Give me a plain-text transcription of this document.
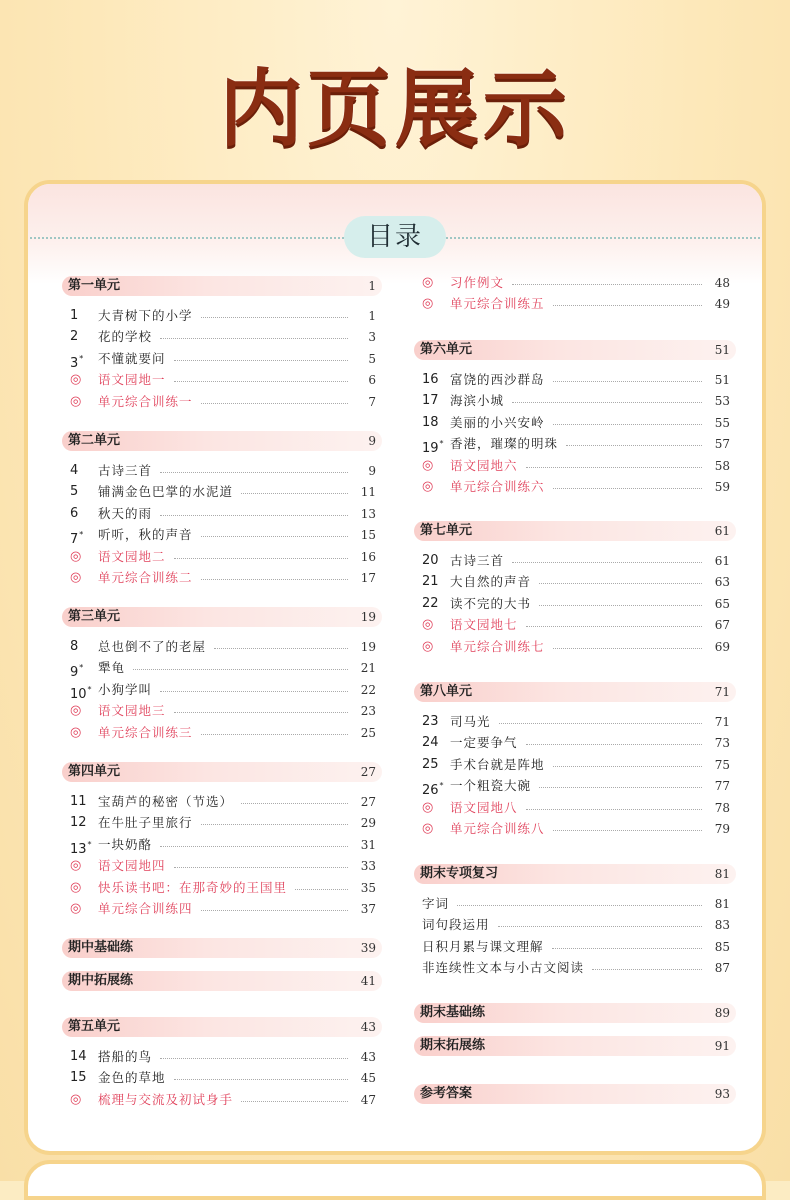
内页展示
目录
第一单元	1
1	大青树下的小学	1
2	花的学校	3
3*	不懂就要问	5
◎	语文园地一	6
◎	单元综合训练一	7
第二单元	9
4	古诗三首	9
5	铺满金色巴掌的水泥道	11
6	秋天的雨	13
7*	听听，秋的声音	15
◎	语文园地二	16
◎	单元综合训练二	17
第三单元	19
8	总也倒不了的老屋	19
9*	犟龟	21
10* 小狗学叫	22
◎	语文园地三	23
◎	单元综合训练三	25
第四单元	27
11 宝葫芦的秘密（节选）	27
12 在牛肚子里旅行	29
13* 一块奶酪	31
◎	语文园地四	33
◎	快乐读书吧：在那奇妙的王国里	35
◎	单元综合训练四	37
期中基础练	39
期中拓展练	41
第五单元	43
14 搭船的鸟	43
15 金色的草地	45
◎	梳理与交流及初试身手	47
◎	习作例文	48
◎	单元综合训练五	49
第六单元	51
16 富饶的西沙群岛	51
17 海滨小城	53
18 美丽的小兴安岭	55
19* 香港，璀璨的明珠	57
◎	语文园地六	58
◎	单元综合训练六	59
第七单元	61
20 古诗三首	61
21 大自然的声音	63
22 读不完的大书	65
◎	语文园地七	67
◎	单元综合训练七	69
第八单元	71
23 司马光	71
24 一定要争气	73
25 手术台就是阵地	75
26* 一个粗瓷大碗	77
◎	语文园地八	78
◎	单元综合训练八	79
期末专项复习	81
字词	81
词句段运用	83
日积月累与课文理解	85
非连续性文本与小古文阅读	87
期末基础练	89
期末拓展练	91
参考答案	93
